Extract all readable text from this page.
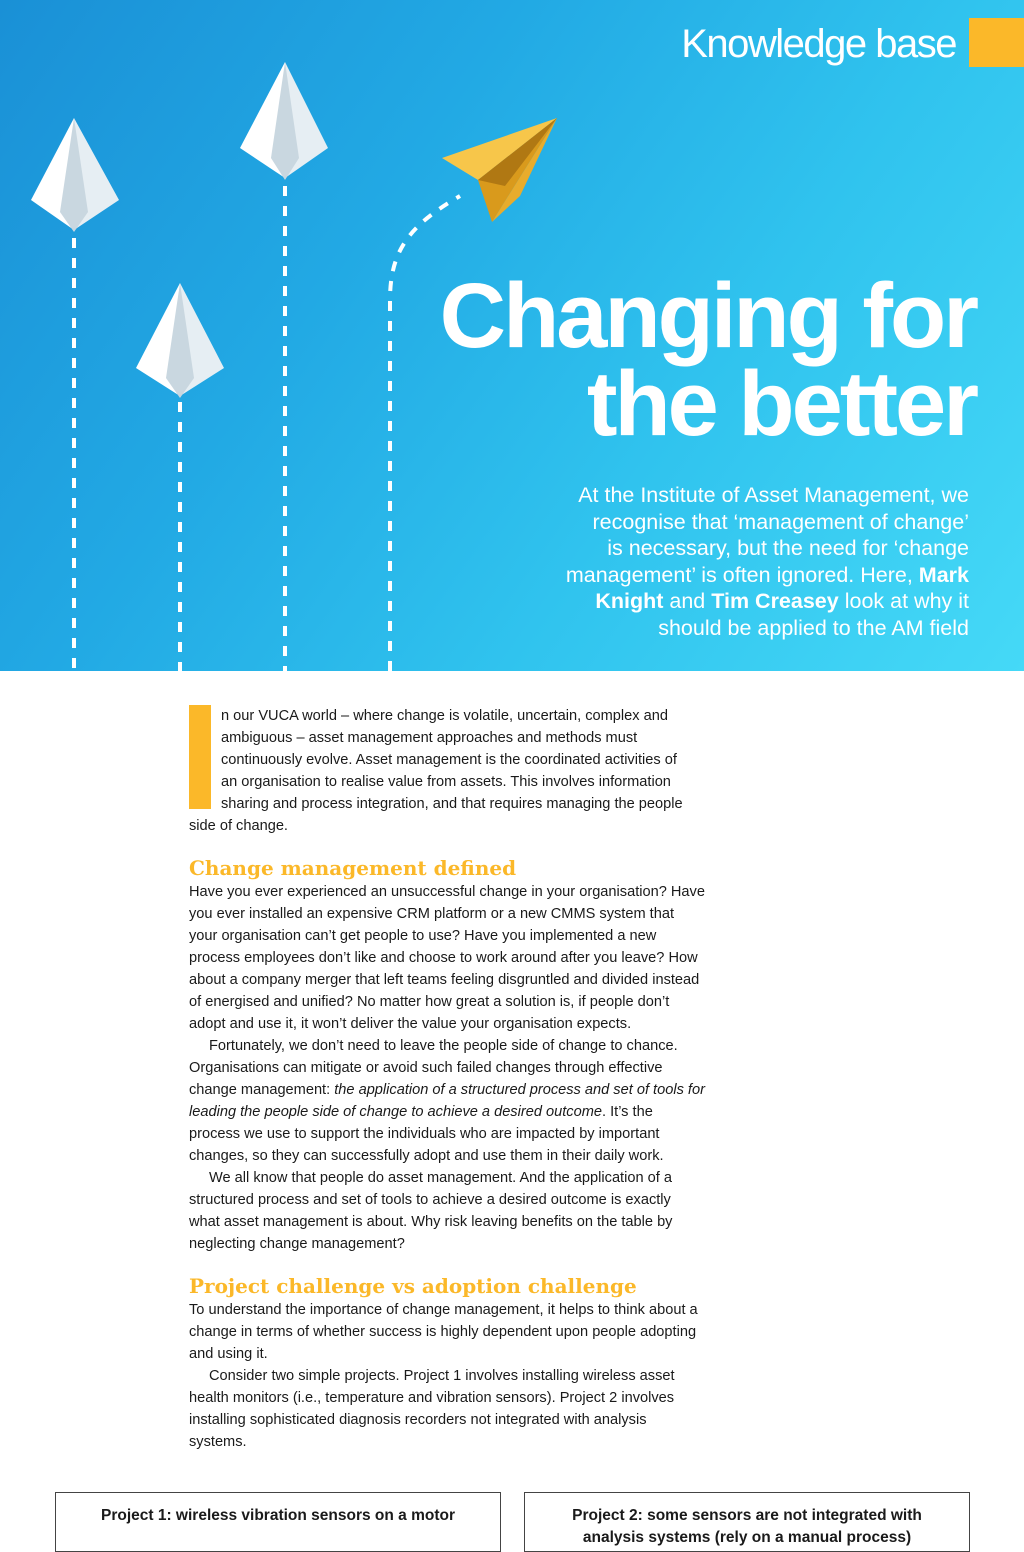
Knowledge base
Changing for
the better
At the Institute of Asset Management, we
recognise that ‘management of change’
is necessary, but the need for ‘change
management’ is often ignored. Here, Mark
Knight and Tim Creasey look at why it
should be applied to the AM field

n our VUCA world – where change is volatile, uncertain, complex and
ambiguous – asset management approaches and methods must
continuously evolve. Asset management is the coordinated activities of
an organisation to realise value from assets. This involves information
sharing and process integration, and that requires managing the people
side of change.

Change management defined

Have you ever experienced an unsuccessful change in your organisation? Have you ever installed an expensive CRM platform or a new CMMS system that your organisation can’t get people to use? Have you implemented a new process employees don’t like and choose to work around after you leave? How about a company merger that left teams feeling disgruntled and divided instead of energised and unified? No matter how great a solution is, if people don’t adopt and use it, it won’t deliver the value your organisation expects.

Fortunately, we don’t need to leave the people side of change to chance. Organisations can mitigate or avoid such failed changes through effective change management: the application of a structured process and set of tools for leading the people side of change to achieve a desired outcome. It’s the process we use to support the individuals who are impacted by important changes, so they can successfully adopt and use them in their daily work.

We all know that people do asset management. And the application of a structured process and set of tools to achieve a desired outcome is exactly what asset management is about. Why risk leaving benefits on the table by neglecting change management?

Project challenge vs adoption challenge

To understand the importance of change management, it helps to think about a change in terms of whether success is highly dependent upon people adopting and using it.

Consider two simple projects. Project 1 involves installing wireless asset health monitors (i.e., temperature and vibration sensors). Project 2 involves installing sophisticated diagnosis recorders not integrated with analysis systems.

Project 1: wireless vibration sensors on a motor	Project 2: some sensors are not integrated with
analysis systems (rely on a manual process)
